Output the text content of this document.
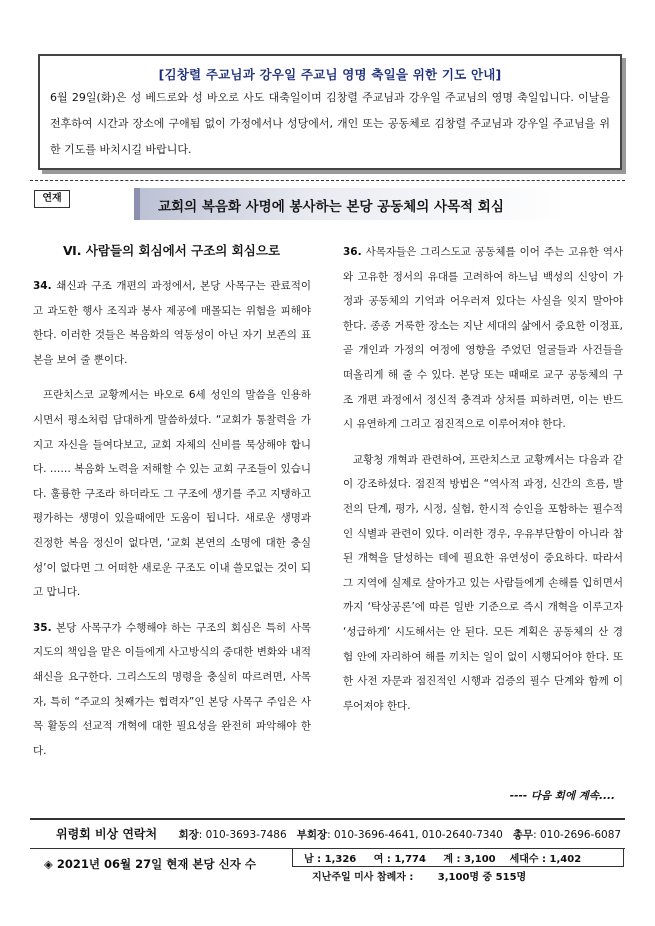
[김창렬 주교님과 강우일 주교님 영명 축일을 위한 기도 안내]
6월 29일(화)은 성 베드로와 성 바오로 사도 대축일이며 김창렬 주교님과 강우일 주교님의 영명 축일입니다. 이날을 전후하여 시간과 장소에 구애됨 없이 가정에서나 성당에서, 개인 또는 공동체로 김창렬 주교님과 강우일 주교님을 위한 기도를 바치시길 바랍니다.
연재
교회의 복음화 사명에 봉사하는 본당 공동체의 사목적 회심
Ⅵ. 사람들의 회심에서 구조의 회심으로

34. 쇄신과 구조 개편의 과정에서, 본당 사목구는 관료적이고 과도한 행사 조직과 봉사 제공에 매몰되는 위험을 피해야 한다. 이러한 것들은 복음화의 역동성이 아닌 자기 보존의 표본을 보여 줄 뿐이다.

프란치스코 교황께서는 바오로 6세 성인의 말씀을 인용하시면서 평소처럼 담대하게 말씀하셨다. “교회가 통찰력을 가지고 자신을 들여다보고, 교회 자체의 신비를 묵상해야 합니다. …… 복음화 노력을 저해할 수 있는 교회 구조들이 있습니다. 훌륭한 구조라 하더라도 그 구조에 생기를 주고 지탱하고 평가하는 생명이 있을때에만 도움이 됩니다. 새로운 생명과 진정한 복음 정신이 없다면, ‘교회 본연의 소명에 대한 충실성’이 없다면 그 어떠한 새로운 구조도 이내 쓸모없는 것이 되고 맙니다.

35. 본당 사목구가 수행해야 하는 구조의 회심은 특히 사목 지도의 책임을 맡은 이들에게 사고방식의 중대한 변화와 내적 쇄신을 요구한다. 그리스도의 명령을 충실히 따르려면, 사목자, 특히 “주교의 첫째가는 협력자”인 본당 사목구 주임은 사목 활동의 선교적 개혁에 대한 필요성을 완전히 파악해야 한다.

36. 사목자들은 그리스도교 공동체를 이어 주는 고유한 역사와 고유한 정서의 유대를 고려하여 하느님 백성의 신앙이 가정과 공동체의 기억과 어우러져 있다는 사실을 잊지 말아야 한다. 종종 거룩한 장소는 지난 세대의 삶에서 중요한 이정표, 곧 개인과 가정의 여정에 영향을 주었던 얼굴들과 사건들을 떠올리게 해 줄 수 있다. 본당 또는 때때로 교구 공동체의 구조 개편 과정에서 정신적 충격과 상처를 피하려면, 이는 반드시 유연하게 그리고 점진적으로 이루어져야 한다.

교황청 개혁과 관련하여, 프란치스코 교황께서는 다음과 같이 강조하셨다. 점진적 방법은 “역사적 과정, 신간의 흐름, 발전의 단계, 평가, 시정, 실험, 한시적 승인을 포함하는 필수적인 식별과 관련이 있다. 이러한 경우, 우유부단함이 아니라 참된 개혁을 달성하는 데에 필요한 유연성이 중요하다. 따라서 그 지역에 실제로 살아가고 있는 사람들에게 손해를 입히면서까지 ‘탁상공론’에 따른 일반 기준으로 즉시 개혁을 이루고자 ‘성급하게’ 시도해서는 안 된다. 모든 계획은 공동체의 산 경험 안에 자리하여 해를 끼치는 일이 없이 시행되어야 한다. 또한 사전 자문과 점진적인 시행과 검증의 필수 단계와 함께 이루어져야 한다.

---- 다음 회에 계속....
위령회 비상 연락처 회장: 010-3693-7486 부회장: 010-3696-4641, 010-2640-7340 총무: 010-2696-6087
◈ 2021년 06월 27일 현재 본당 신자 수	남 : 1,326 여 : 1,774 계 : 3,100 세대수 : 1,402
지난주일 미사 참례자 : 3,100명 중 515명
